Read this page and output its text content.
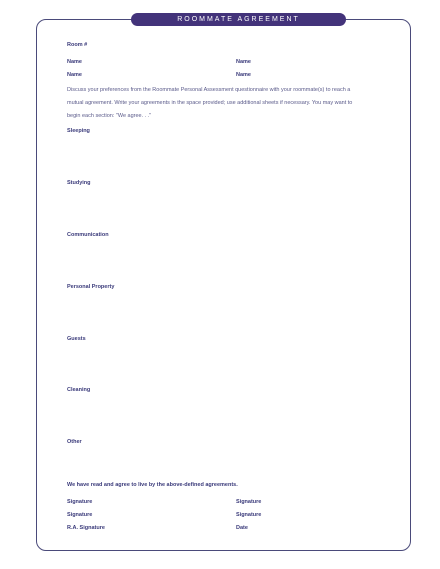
ROOMMATE AGREEMENT
Room #
Name	Name
Name	Name
Discuss your preferences from the Roommate Personal Assessment questionnaire with your roommate(s) to reach a mutual agreement. Write your agreements in the space provided; use additional sheets if necessary. You may want to begin each section: "We agree. . ."
Sleeping
Studying
Communication
Personal Property
Guests
Cleaning
Other
We have read and agree to live by the above-defined agreements.
Signature	Signature
Signature	Signature
R.A. Signature	Date
